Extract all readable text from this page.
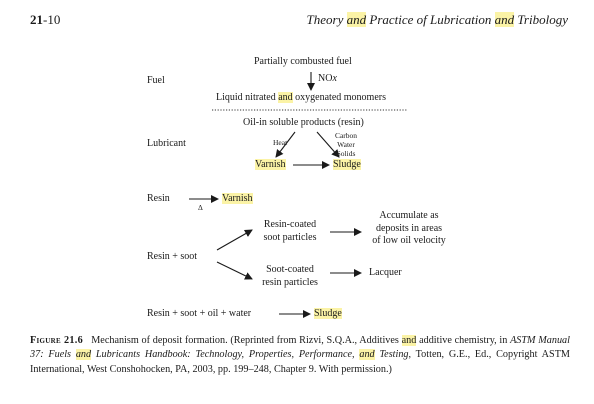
21-10	Theory and Practice of Lubrication and Tribology
Fuel
Partially combusted fuel
NOx
Liquid nitrated and oxygenated monomers
Lubricant
Oil-in soluble products (resin)
Heat
Carbon
Water
Solids
Varnish	Sludge
Resin
Δ
Varnish
Resin + soot
Resin-coated
soot particles
Accumulate as
deposits in areas
of low oil velocity
Soot-coated
resin particles
Lacquer
Resin + soot + oil + water	Sludge
Figure 21.6 Mechanism of deposit formation. (Reprinted from Rizvi, S.Q.A., Additives and additive chemistry, in ASTM Manual 37: Fuels and Lubricants Handbook: Technology, Properties, Performance, and Testing, Totten, G.E., Ed., Copyright ASTM International, West Conshohocken, PA, 2003, pp. 199–248, Chapter 9. With permission.)
